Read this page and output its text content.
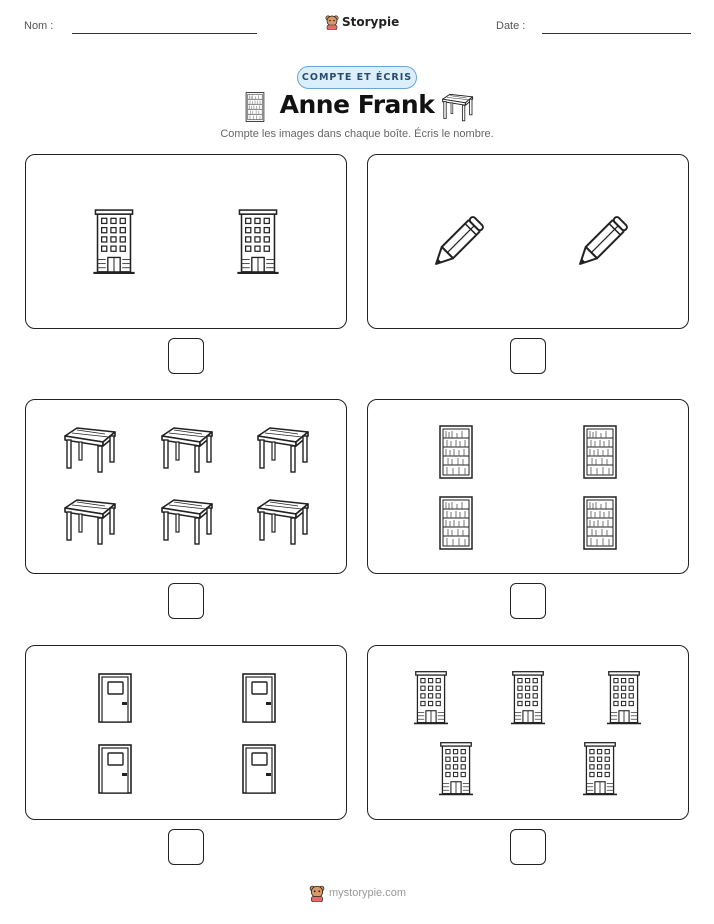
Nom :	Storypie	Date :
COMPTE ET ÉCRIS
Anne Frank
Compte les images dans chaque boîte. Écris le nombre.
mystorypie.com
